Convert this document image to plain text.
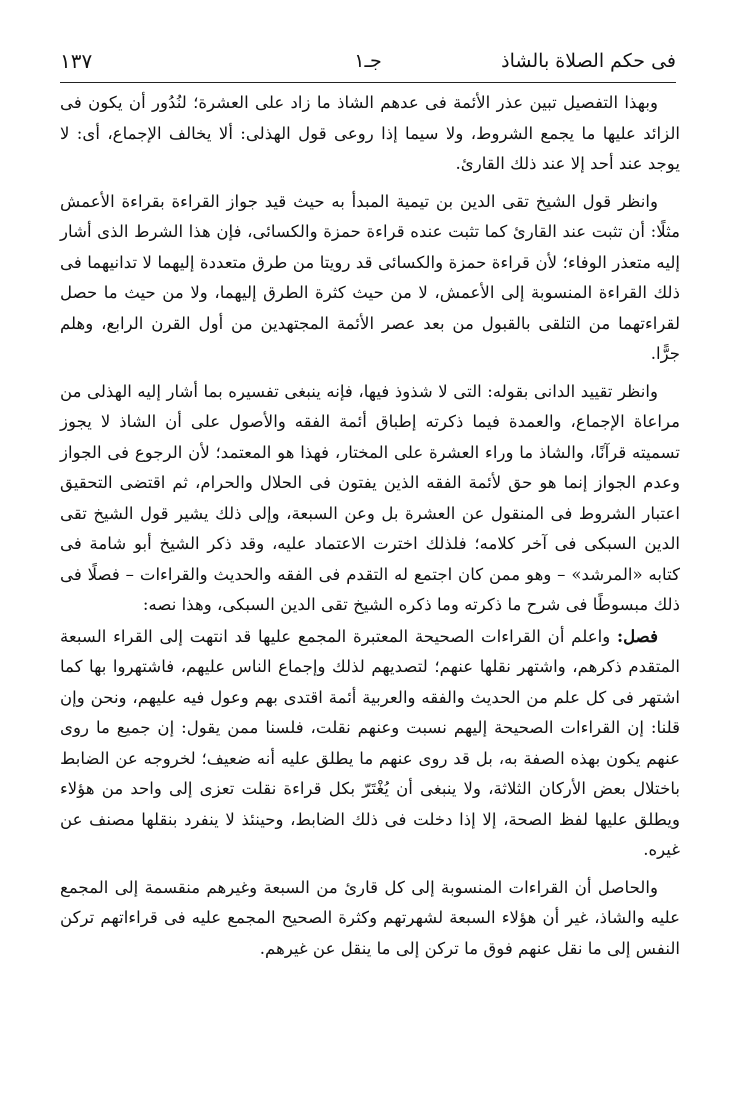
فى حكم الصلاة بالشاذ
جـ١
١٣٧

وبهذا التفصيل تبين عذر الأئمة فى عدهم الشاذ ما زاد على العشرة؛ لنُدُور أن يكون فى الزائد عليها ما يجمع الشروط، ولا سيما إذا روعى قول الهذلى: ألا يخالف الإجماع، أى: لا يوجد عند أحد إلا عند ذلك القارئ.

وانظر قول الشيخ تقى الدين بن تيمية المبدأ به حيث قيد جواز القراءة بقراءة الأعمش مثلًا: أن تثبت عند القارئ كما تثبت عنده قراءة حمزة والكسائى، فإن هذا الشرط الذى أشار إليه متعذر الوفاء؛ لأن قراءة حمزة والكسائى قد رويتا من طرق متعددة إليهما لا تدانيهما فى ذلك القراءة المنسوبة إلى الأعمش، لا من حيث كثرة الطرق إليهما، ولا من حيث ما حصل لقراءتهما من التلقى بالقبول من بعد عصر الأئمة المجتهدين من أول القرن الرابع، وهلم جرًّا.

وانظر تقييد الدانى بقوله: التى لا شذوذ فيها، فإنه ينبغى تفسيره بما أشار إليه الهذلى من مراعاة الإجماع، والعمدة فيما ذكرته إطباق أئمة الفقه والأصول على أن الشاذ لا يجوز تسميته قرآنًا، والشاذ ما وراء العشرة على المختار، فهذا هو المعتمد؛ لأن الرجوع فى الجواز وعدم الجواز إنما هو حق لأئمة الفقه الذين يفتون فى الحلال والحرام، ثم اقتضى التحقيق اعتبار الشروط فى المنقول عن العشرة بل وعن السبعة، وإلى ذلك يشير قول الشيخ تقى الدين السبكى فى آخر كلامه؛ فلذلك اخترت الاعتماد عليه، وقد ذكر الشيخ أبو شامة فى كتابه «المرشد» – وهو ممن كان اجتمع له التقدم فى الفقه والحديث والقراءات – فصلًا فى ذلك مبسوطًا فى شرح ما ذكرته وما ذكره الشيخ تقى الدين السبكى، وهذا نصه:

فصل: واعلم أن القراءات الصحيحة المعتبرة المجمع عليها قد انتهت إلى القراء السبعة المتقدم ذكرهم، واشتهر نقلها عنهم؛ لتصديهم لذلك وإجماع الناس عليهم، فاشتهروا بها كما اشتهر فى كل علم من الحديث والفقه والعربية أئمة اقتدى بهم وعول فيه عليهم، ونحن وإن قلنا: إن القراءات الصحيحة إليهم نسبت وعنهم نقلت، فلسنا ممن يقول: إن جميع ما روى عنهم يكون بهذه الصفة به، بل قد روى عنهم ما يطلق عليه أنه ضعيف؛ لخروجه عن الضابط باختلال بعض الأركان الثلاثة، ولا ينبغى أن يُغْتَرّ بكل قراءة نقلت تعزى إلى واحد من هؤلاء ويطلق عليها لفظ الصحة، إلا إذا دخلت فى ذلك الضابط، وحينئذ لا ينفرد بنقلها مصنف عن غيره.

والحاصل أن القراءات المنسوبة إلى كل قارئ من السبعة وغيرهم منقسمة إلى المجمع عليه والشاذ، غير أن هؤلاء السبعة لشهرتهم وكثرة الصحيح المجمع عليه فى قراءاتهم تركن النفس إلى ما نقل عنهم فوق ما تركن إلى ما ينقل عن غيرهم.
